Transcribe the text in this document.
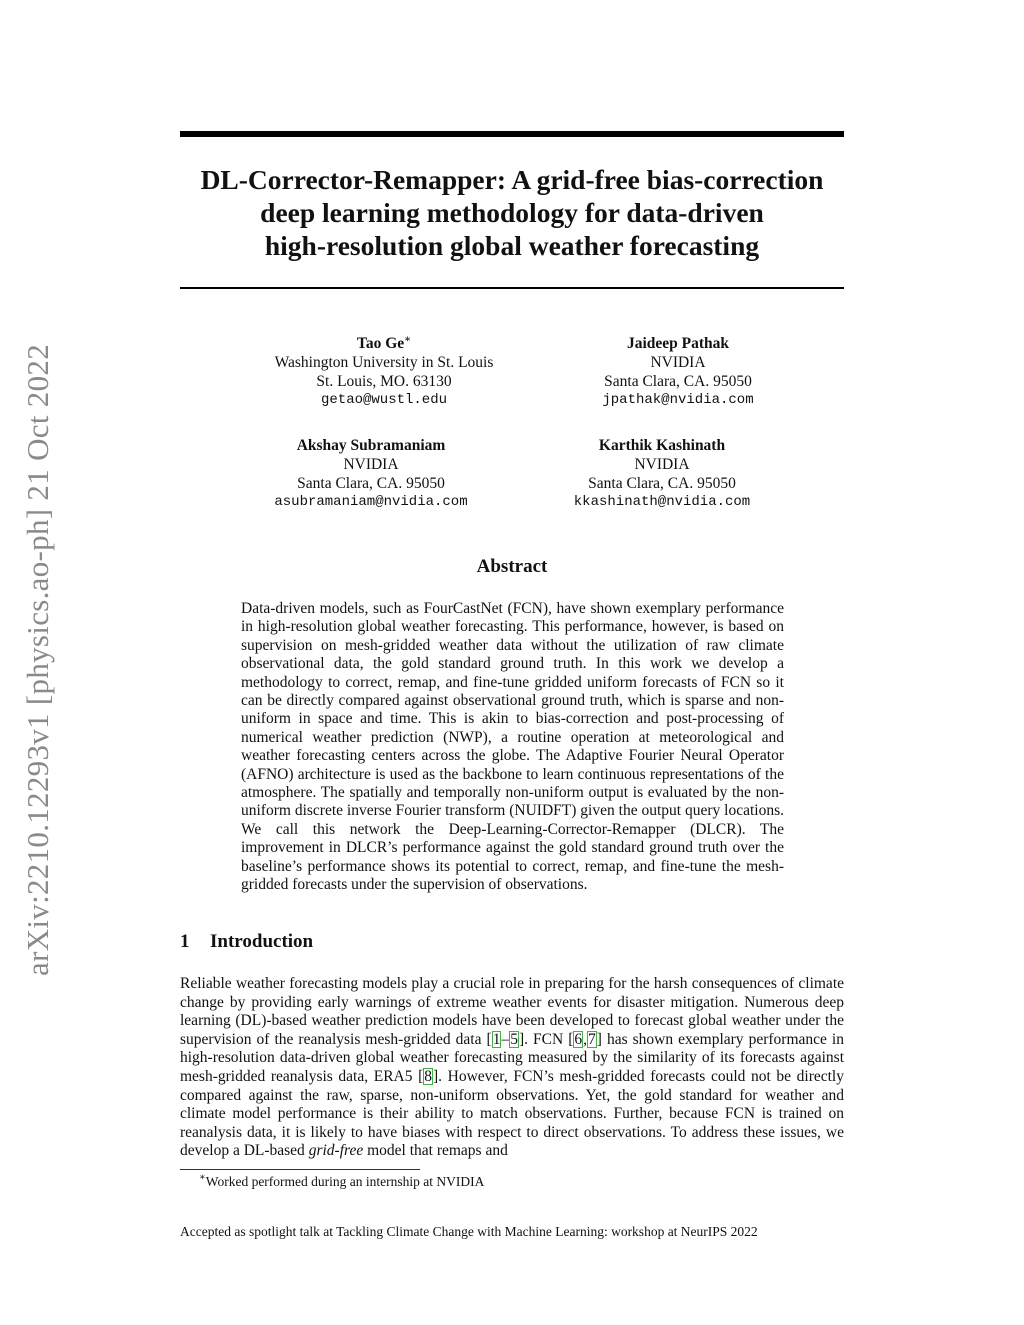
arXiv:2210.12293v1 [physics.ao-ph] 21 Oct 2022
DL-Corrector-Remapper: A grid-free bias-correction
deep learning methodology for data-driven
high-resolution global weather forecasting
Tao Ge∗
Washington University in St. Louis
St. Louis, MO. 63130
getao@wustl.edu
Jaideep Pathak
NVIDIA
Santa Clara, CA. 95050
jpathak@nvidia.com
Akshay Subramaniam
NVIDIA
Santa Clara, CA. 95050
asubramaniam@nvidia.com
Karthik Kashinath
NVIDIA
Santa Clara, CA. 95050
kkashinath@nvidia.com
Abstract
Data-driven models, such as FourCastNet (FCN), have shown exemplary performance in high-resolution global weather forecasting. This performance, however, is based on supervision on mesh-gridded weather data without the utilization of raw climate observational data, the gold standard ground truth. In this work we develop a methodology to correct, remap, and fine-tune gridded uniform forecasts of FCN so it can be directly compared against observational ground truth, which is sparse and non-uniform in space and time. This is akin to bias-correction and post-processing of numerical weather prediction (NWP), a routine operation at meteorological and weather forecasting centers across the globe. The Adaptive Fourier Neural Operator (AFNO) architecture is used as the backbone to learn continuous representations of the atmosphere. The spatially and temporally non-uniform output is evaluated by the non-uniform discrete inverse Fourier transform (NUIDFT) given the output query locations. We call this network the Deep-Learning-Corrector-Remapper (DLCR). The improvement in DLCR’s performance against the gold standard ground truth over the baseline’s performance shows its potential to correct, remap, and fine-tune the mesh-gridded forecasts under the supervision of observations.
1 Introduction
Reliable weather forecasting models play a crucial role in preparing for the harsh consequences of climate change by providing early warnings of extreme weather events for disaster mitigation. Numerous deep learning (DL)-based weather prediction models have been developed to forecast global weather under the supervision of the reanalysis mesh-gridded data [1–5]. FCN [6,7] has shown exemplary performance in high-resolution data-driven global weather forecasting measured by the similarity of its forecasts against mesh-gridded reanalysis data, ERA5 [8]. However, FCN’s mesh-gridded forecasts could not be directly compared against the raw, sparse, non-uniform observations. Yet, the gold standard for weather and climate model performance is their ability to match observations. Further, because FCN is trained on reanalysis data, it is likely to have biases with respect to direct observations. To address these issues, we develop a DL-based grid-free model that remaps and
∗Worked performed during an internship at NVIDIA
Accepted as spotlight talk at Tackling Climate Change with Machine Learning: workshop at NeurIPS 2022
